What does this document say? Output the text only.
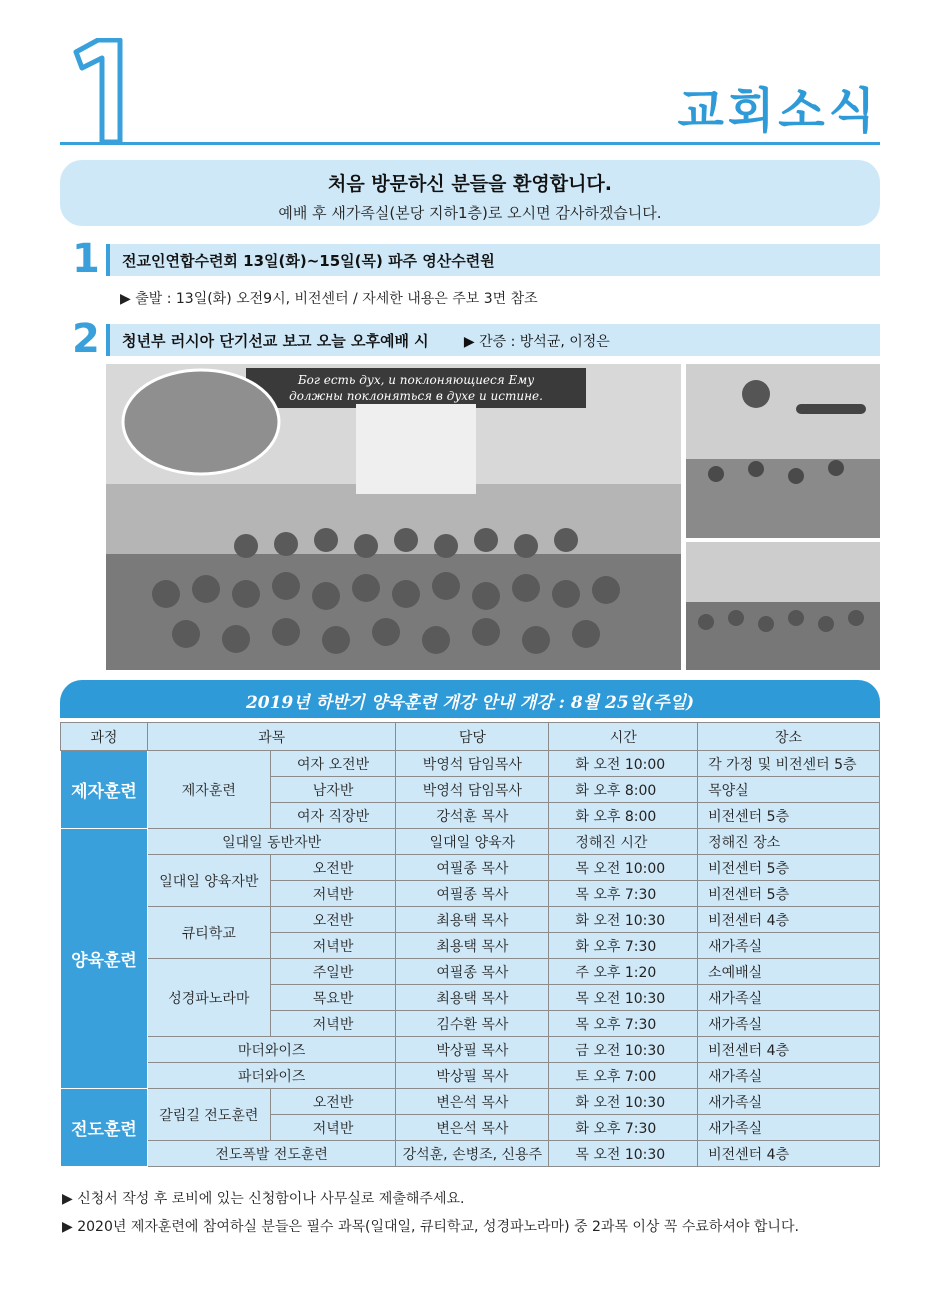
교회소식
처음 방문하신 분들을 환영합니다.
예배 후 새가족실(본당 지하1층)로 오시면 감사하겠습니다.
1	전교인연합수련회 13일(화)~15일(목) 파주 영산수련원
▶ 출발 : 13일(화) 오전9시, 비전센터 / 자세한 내용은 주보 3면 참조
2	청년부 러시아 단기선교 보고 오늘 오후예배 시	▶ 간증 : 방석균, 이정은
Бог есть дух, и поклоняющиеся Ему
должны поклоняться в духе и истине.
2019년 하반기 양육훈련 개강 안내 개강 : 8월 25일(주일)
과정	과목		담당	시간	장소
제자훈련	제자훈련	여자 오전반	박영석 담임목사	화 오전 10:00	각 가정 및 비전센터 5층
		남자반	박영석 담임목사	화 오후 8:00	목양실
		여자 직장반	강석훈 목사	화 오후 8:00	비전센터 5층
양육훈련	일대일 동반자반		일대일 양육자	정해진 시간	정해진 장소
	일대일 양육자반	오전반	여필종 목사	목 오전 10:00	비전센터 5층
		저녁반	여필종 목사	목 오후 7:30	비전센터 5층
	큐티학교	오전반	최용택 목사	화 오전 10:30	비전센터 4층
		저녁반	최용택 목사	화 오후 7:30	새가족실
	성경파노라마	주일반	여필종 목사	주 오후 1:20	소예배실
		목요반	최용택 목사	목 오전 10:30	새가족실
		저녁반	김수환 목사	목 오후 7:30	새가족실
	마더와이즈		박상필 목사	금 오전 10:30	비전센터 4층
	파더와이즈		박상필 목사	토 오후 7:00	새가족실
전도훈련	갈림길 전도훈련	오전반	변은석 목사	화 오전 10:30	새가족실
		저녁반	변은석 목사	화 오후 7:30	새가족실
	전도폭발 전도훈련		강석훈, 손병조, 신용주	목 오전 10:30	비전센터 4층
▶ 신청서 작성 후 로비에 있는 신청함이나 사무실로 제출해주세요.
▶ 2020년 제자훈련에 참여하실 분들은 필수 과목(일대일, 큐티학교, 성경파노라마) 중 2과목 이상 꼭 수료하셔야 합니다.
